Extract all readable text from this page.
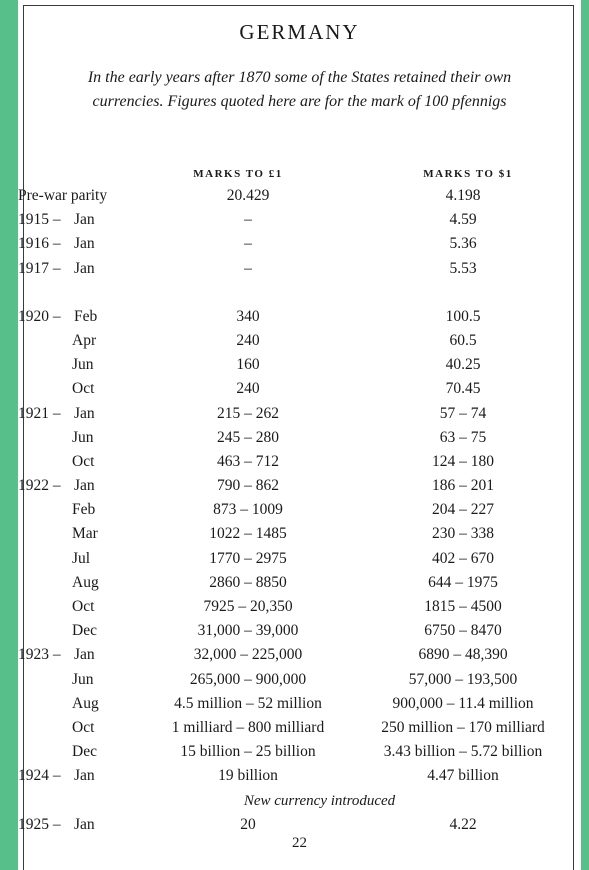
GERMANY
In the early years after 1870 some of the States retained their own currencies. Figures quoted here are for the mark of 100 pfennigs
MARKS TO £1	MARKS TO $1
Pre-war parity	20.429	4.198
1915 – Jan	–	4.59
1916 – Jan	–	5.36
1917 – Jan	–	5.53
1920 – Feb	340	100.5
Apr	240	60.5
Jun	160	40.25
Oct	240	70.45
1921 – Jan	215 – 262	57 – 74
Jun	245 – 280	63 – 75
Oct	463 – 712	124 – 180
1922 – Jan	790 – 862	186 – 201
Feb	873 – 1009	204 – 227
Mar	1022 – 1485	230 – 338
Jul	1770 – 2975	402 – 670
Aug	2860 – 8850	644 – 1975
Oct	7925 – 20,350	1815 – 4500
Dec	31,000 – 39,000	6750 – 8470
1923 – Jan	32,000 – 225,000	6890 – 48,390
Jun	265,000 – 900,000	57,000 – 193,500
Aug	4.5 million – 52 million	900,000 – 11.4 million
Oct	1 milliard – 800 milliard	250 million – 170 milliard
Dec	15 billion – 25 billion	3.43 billion – 5.72 billion
1924 – Jan	19 billion	4.47 billion
New currency introduced
1925 – Jan	20	4.22
22
